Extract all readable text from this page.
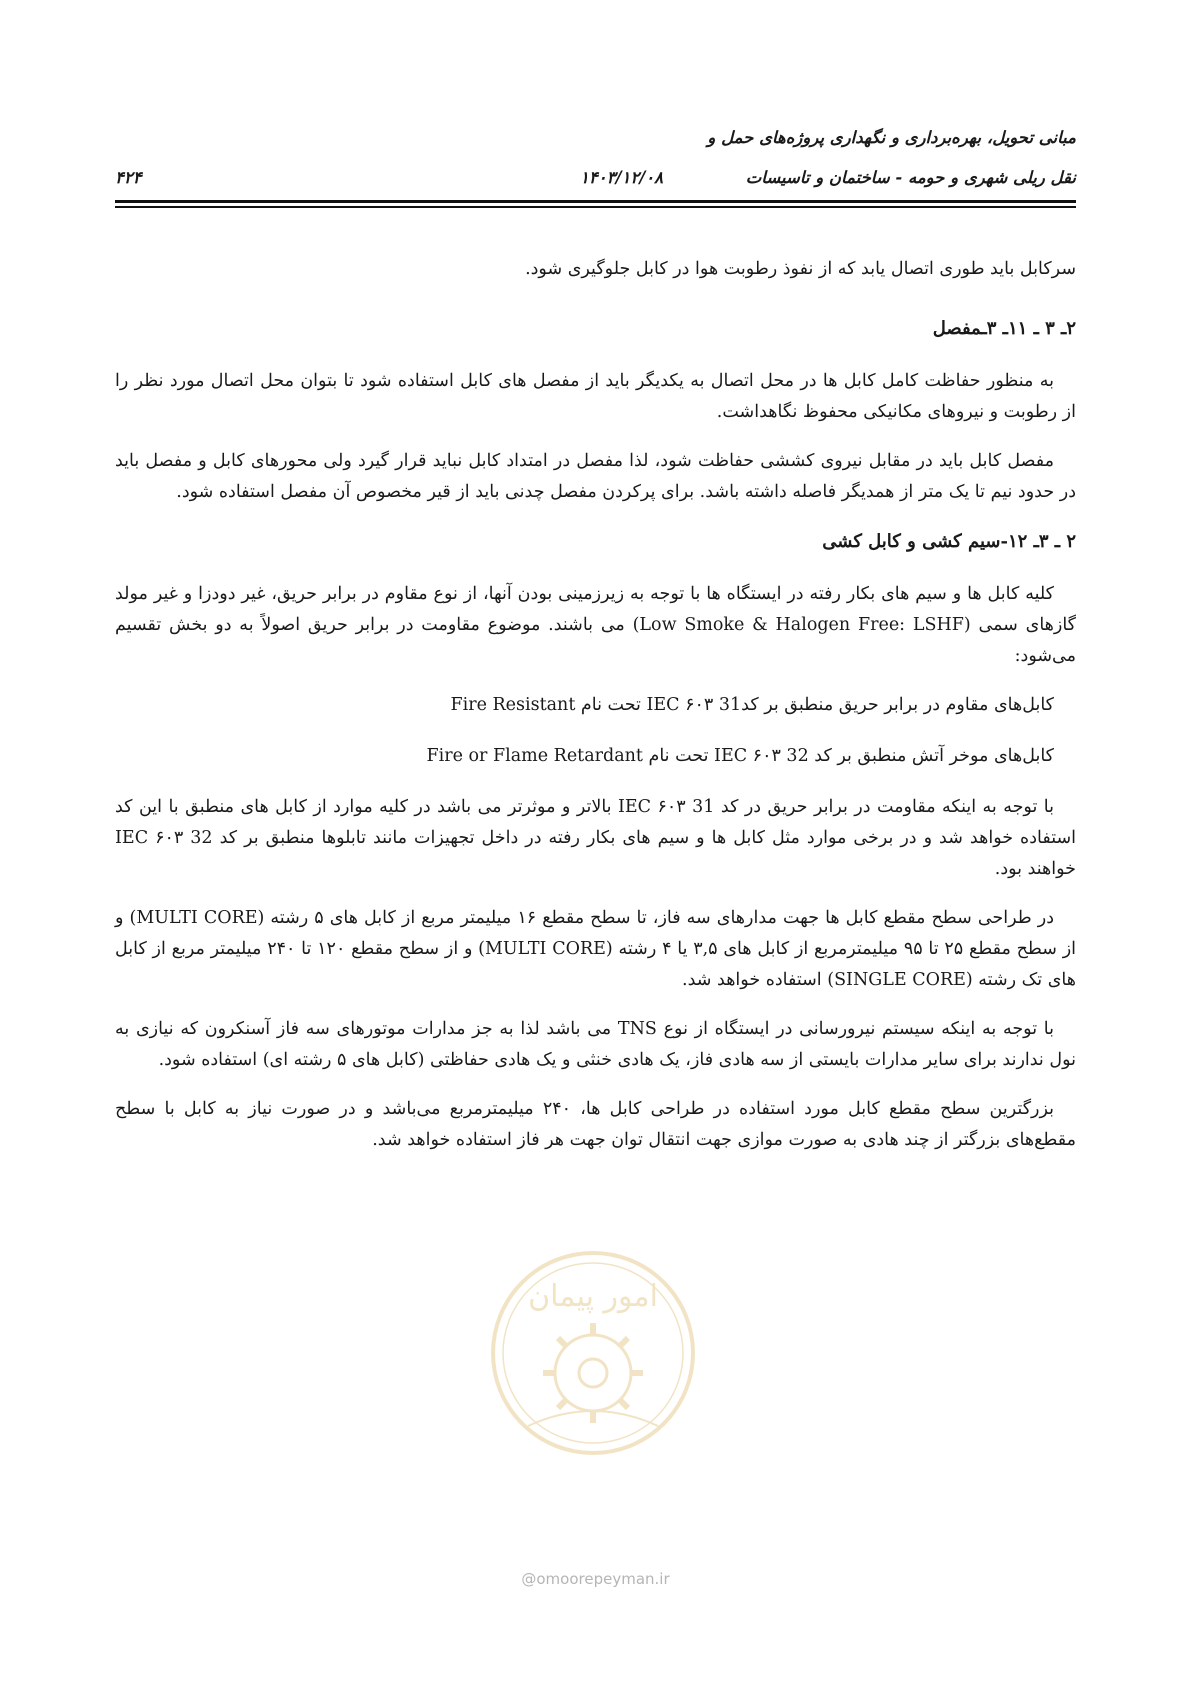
مبانی تحویل، بهره‌برداری و نگهداری پروژه‌های حمل و
نقل ریلی شهری و حومه - ساختمان و تاسیسات
۱۴۰۳/۱۲/۰۸
۴۲۴

سرکابل باید طوری اتصال یابد که از نفوذ رطوبت هوا در کابل جلوگیری شود.

۲ـ ۳ ـ ۱۱ـ ۳ـمفصل

به منظور حفاظت کامل کابل ها در محل اتصال به یکدیگر باید از مفصل های کابل استفاده شود تا بتوان محل اتصال مورد نظر را از رطوبت و نیروهای مکانیکی محفوظ نگاهداشت.

مفصل کابل باید در مقابل نیروی کششی حفاظت شود، لذا مفصل در امتداد کابل نباید قرار گیرد ولی محورهای کابل و مفصل باید در حدود نیم تا یک متر از همدیگر فاصله داشته باشد. برای پرکردن مفصل چدنی باید از قیر مخصوص آن مفصل استفاده شود.

۲ ـ ۳ـ ۱۲-سیم کشی و کابل کشی

کلیه کابل ها و سیم های بکار رفته در ایستگاه ها با توجه به زیرزمینی بودن آنها، از نوع مقاوم در برابر حریق، غیر دودزا و غیر مولد گازهای سمی (Low Smoke & Halogen Free: LSHF) می باشند. موضوع مقاومت در برابر حریق اصولاً به دو بخش تقسیم می‌شود:

کابل‌های مقاوم در برابر حریق منطبق بر کد31 IEC ۶۰۳ تحت نام Fire Resistant
کابل‌های موخر آتش منطبق بر کد IEC ۶۰۳ 32 تحت نام Fire or Flame Retardant

با توجه به اینکه مقاومت در برابر حریق در کد IEC ۶۰۳ 31 بالاتر و موثرتر می باشد در کلیه موارد از کابل های منطبق با این کد استفاده خواهد شد و در برخی موارد مثل کابل ها و سیم های بکار رفته در داخل تجهیزات مانند تابلوها منطبق بر کد IEC ۶۰۳ 32 خواهند بود.

در طراحی سطح مقطع کابل ها جهت مدارهای سه فاز، تا سطح مقطع ۱۶ میلیمتر مربع از کابل های ۵ رشته (MULTI CORE) و از سطح مقطع ۲۵ تا ۹۵ میلیمترمربع از کابل های ۳,۵ یا ۴ رشته (MULTI CORE) و از سطح مقطع ۱۲۰ تا ۲۴۰ میلیمتر مربع از کابل های تک رشته (SINGLE CORE) استفاده خواهد شد.

با توجه به اینکه سیستم نیرورسانی در ایستگاه از نوع TNS می باشد لذا به جز مدارات موتورهای سه فاز آسنکرون که نیازی به نول ندارند برای سایر مدارات بایستی از سه هادی فاز، یک هادی خنثی و یک هادی حفاظتی (کابل های ۵ رشته ای) استفاده شود.

بزرگترین سطح مقطع کابل مورد استفاده در طراحی کابل ها، ۲۴۰ میلیمترمربع می‌باشد و در صورت نیاز به کابل با سطح مقطع‌های بزرگتر از چند هادی به صورت موازی جهت انتقال توان جهت هر فاز استفاده خواهد شد.

امور پیمان
@omoorepeyman.ir
